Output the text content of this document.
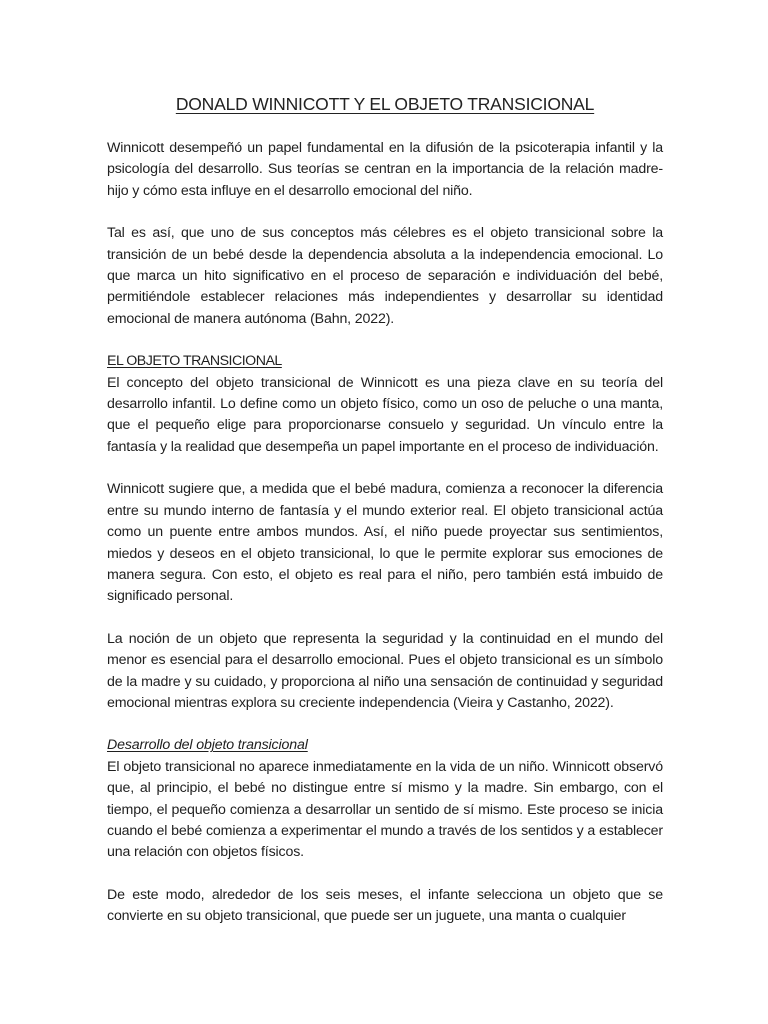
DONALD WINNICOTT Y EL OBJETO TRANSICIONAL

Winnicott desempeñó un papel fundamental en la difusión de la psicoterapia infantil y la psicología del desarrollo. Sus teorías se centran en la importancia de la relación madre-hijo y cómo esta influye en el desarrollo emocional del niño.

Tal es así, que uno de sus conceptos más célebres es el objeto transicional sobre la transición de un bebé desde la dependencia absoluta a la independencia emocional. Lo que marca un hito significativo en el proceso de separación e individuación del bebé, permitiéndole establecer relaciones más independientes y desarrollar su identidad emocional de manera autónoma (Bahn, 2022).

EL OBJETO TRANSICIONAL

El concepto del objeto transicional de Winnicott es una pieza clave en su teoría del desarrollo infantil. Lo define como un objeto físico, como un oso de peluche o una manta, que el pequeño elige para proporcionarse consuelo y seguridad. Un vínculo entre la fantasía y la realidad que desempeña un papel importante en el proceso de individuación.

Winnicott sugiere que, a medida que el bebé madura, comienza a reconocer la diferencia entre su mundo interno de fantasía y el mundo exterior real. El objeto transicional actúa como un puente entre ambos mundos. Así, el niño puede proyectar sus sentimientos, miedos y deseos en el objeto transicional, lo que le permite explorar sus emociones de manera segura. Con esto, el objeto es real para el niño, pero también está imbuido de significado personal.

La noción de un objeto que representa la seguridad y la continuidad en el mundo del menor es esencial para el desarrollo emocional. Pues el objeto transicional es un símbolo de la madre y su cuidado, y proporciona al niño una sensación de continuidad y seguridad emocional mientras explora su creciente independencia (Vieira y Castanho, 2022).

Desarrollo del objeto transicional

El objeto transicional no aparece inmediatamente en la vida de un niño. Winnicott observó que, al principio, el bebé no distingue entre sí mismo y la madre. Sin embargo, con el tiempo, el pequeño comienza a desarrollar un sentido de sí mismo. Este proceso se inicia cuando el bebé comienza a experimentar el mundo a través de los sentidos y a establecer una relación con objetos físicos.

De este modo, alrededor de los seis meses, el infante selecciona un objeto que se convierte en su objeto transicional, que puede ser un juguete, una manta o cualquier
